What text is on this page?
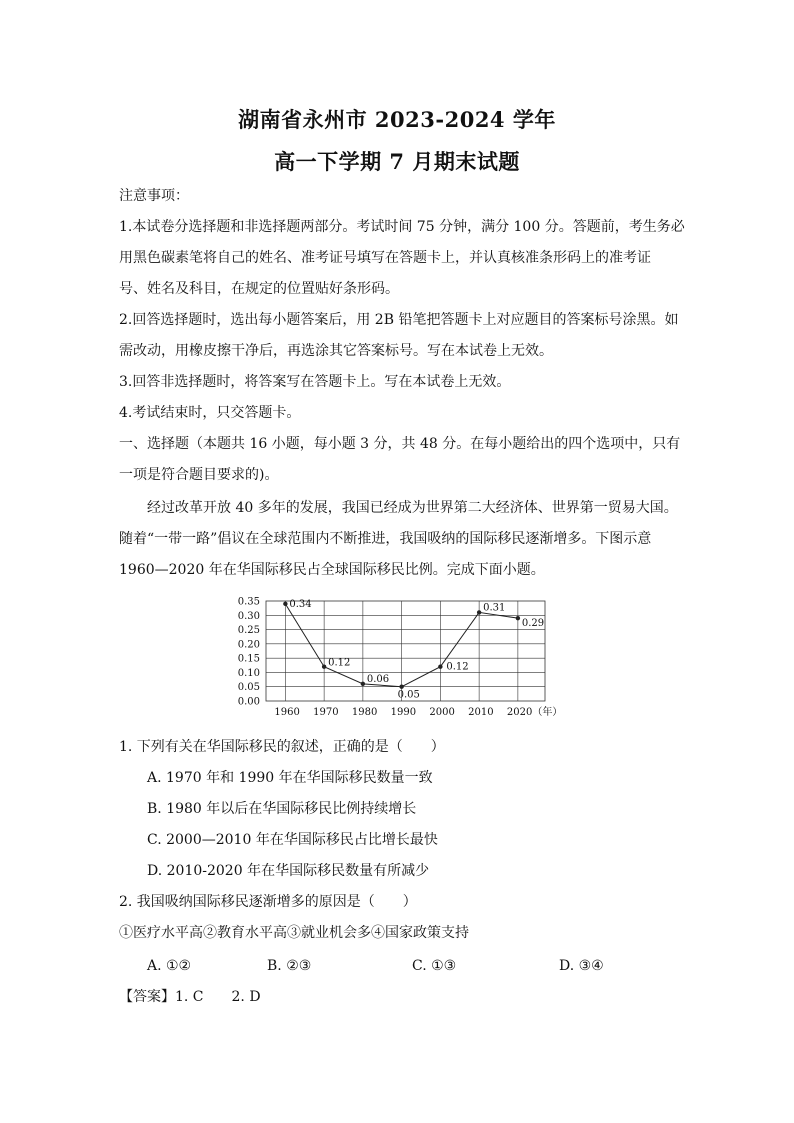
湖南省永州市 2023-2024 学年
高一下学期 7 月期末试题
注意事项：
1.本试卷分选择题和非选择题两部分。考试时间 75 分钟，满分 100 分。答题前，考生务必
用黑色碳素笔将自己的姓名、准考证号填写在答题卡上，并认真核准条形码上的准考证
号、姓名及科目，在规定的位置贴好条形码。
2.回答选择题时，选出每小题答案后，用 2B 铅笔把答题卡上对应题目的答案标号涂黑。如
需改动，用橡皮擦干净后，再选涂其它答案标号。写在本试卷上无效。
3.回答非选择题时，将答案写在答题卡上。写在本试卷上无效。
4.考试结束时，只交答题卡。
一、选择题（本题共 16 小题，每小题 3 分，共 48 分。在每小题给出的四个选项中，只有
一项是符合题目要求的)。
经过改革开放 40 多年的发展，我国已经成为世界第二大经济体、世界第一贸易大国。
随着“一带一路”倡议在全球范围内不断推进，我国吸纳的国际移民逐渐增多。下图示意
1960—2020 年在华国际移民占全球国际移民比例。完成下面小题。
0.00
0.05
0.10
0.15
0.20
0.25
0.30
0.35
1960 1970 1980 1990 2000 2010 2020（年）
0.34
0.12
0.06
0.05
0.12
0.31
0.29
1. 下列有关在华国际移民的叙述，正确的是（　　）
A. 1970 年和 1990 年在华国际移民数量一致
B. 1980 年以后在华国际移民比例持续增长
C. 2000—2010 年在华国际移民占比增长最快
D. 2010-2020 年在华国际移民数量有所减少
2. 我国吸纳国际移民逐渐增多的原因是（　　）
①医疗水平高②教育水平高③就业机会多④国家政策支持
A. ①②	B. ②③	C. ①③	D. ③④
【答案】1. C　　2. D
